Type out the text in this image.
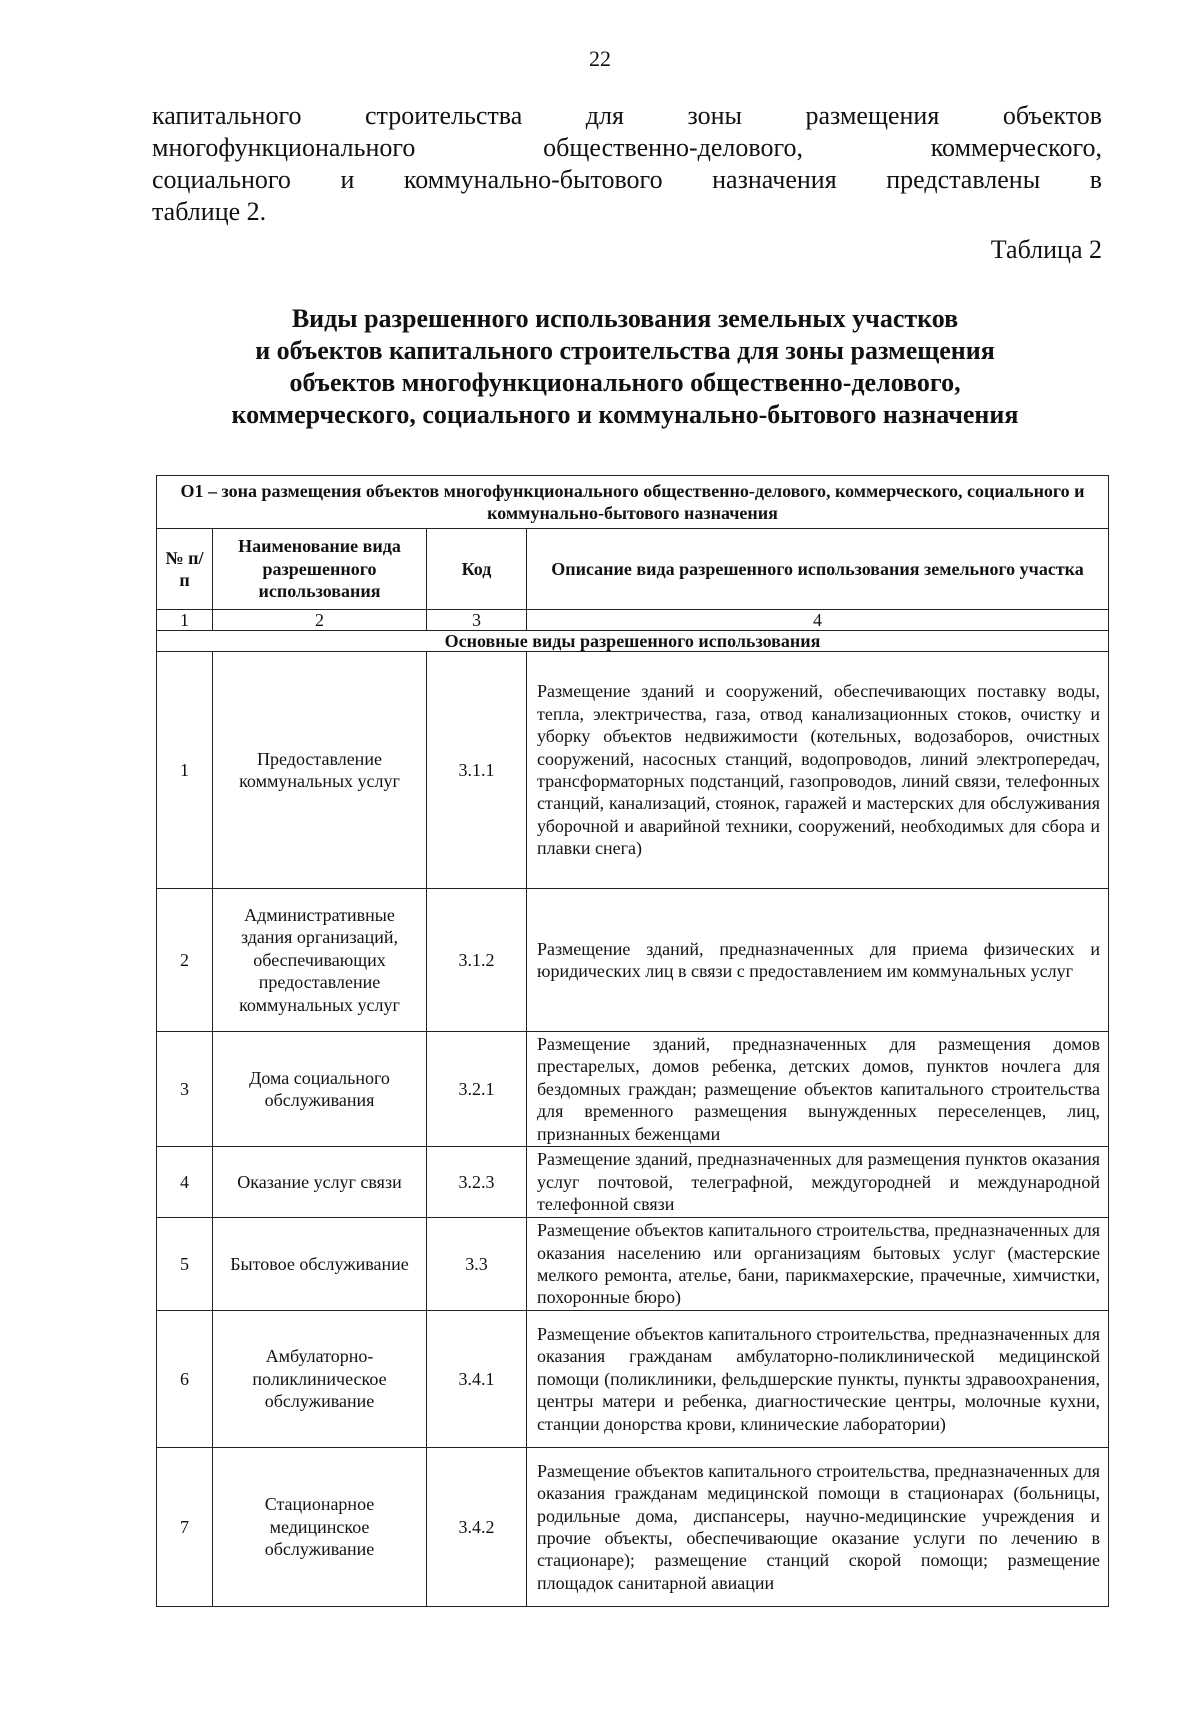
22
капитального строительства для зоны размещения объектов
многофункционального общественно-делового, коммерческого,
социального и коммунально-бытового назначения представлены в
таблице 2.
Таблица 2
Виды разрешенного использования земельных участков
и объектов капитального строительства для зоны размещения
объектов многофункционального общественно-делового,
коммерческого, социального и коммунально-бытового назначения
О1 – зона размещения объектов многофункционального общественно-делового, коммерческого, социального и коммунально-бытового назначения			
№ п/п	Наименование вида разрешенного использования	Код	Описание вида разрешенного использования земельного участка
1	2	3	4
Основные виды разрешенного использования			
1	Предоставление коммунальных услуг	3.1.1	Размещение зданий и сооружений, обеспечивающих поставку воды, тепла, электричества, газа, отвод канализационных стоков, очистку и уборку объектов недвижимости (котельных, водозаборов, очистных сооружений, насосных станций, водопроводов, линий электропередач, трансформаторных подстанций, газопроводов, линий связи, телефонных станций, канализаций, стоянок, гаражей и мастерских для обслуживания уборочной и аварийной техники, сооружений, необходимых для сбора и плавки снега)
2	Административные здания организаций, обеспечивающих предоставление коммунальных услуг	3.1.2	Размещение зданий, предназначенных для приема физических и юридических лиц в связи с предоставлением им коммунальных услуг
3	Дома социального обслуживания	3.2.1	Размещение зданий, предназначенных для размещения домов престарелых, домов ребенка, детских домов, пунктов ночлега для бездомных граждан; размещение объектов капитального строительства для временного размещения вынужденных переселенцев, лиц, признанных беженцами
4	Оказание услуг связи	3.2.3	Размещение зданий, предназначенных для размещения пунктов оказания услуг почтовой, телеграфной, междугородней и международной телефонной связи
5	Бытовое обслуживание	3.3	Размещение объектов капитального строительства, предназначенных для оказания населению или организациям бытовых услуг (мастерские мелкого ремонта, ателье, бани, парикмахерские, прачечные, химчистки, похоронные бюро)
6	Амбулаторно-поликлиническое обслуживание	3.4.1	Размещение объектов капитального строительства, предназначенных для оказания гражданам амбулаторно-поликлинической медицинской помощи (поликлиники, фельдшерские пункты, пункты здравоохранения, центры матери и ребенка, диагностические центры, молочные кухни, станции донорства крови, клинические лаборатории)
7	Стационарное медицинское обслуживание	3.4.2	Размещение объектов капитального строительства, предназначенных для оказания гражданам медицинской помощи в стационарах (больницы, родильные дома, диспансеры, научно-медицинские учреждения и прочие объекты, обеспечивающие оказание услуги по лечению в стационаре); размещение станций скорой помощи; размещение площадок санитарной авиации
